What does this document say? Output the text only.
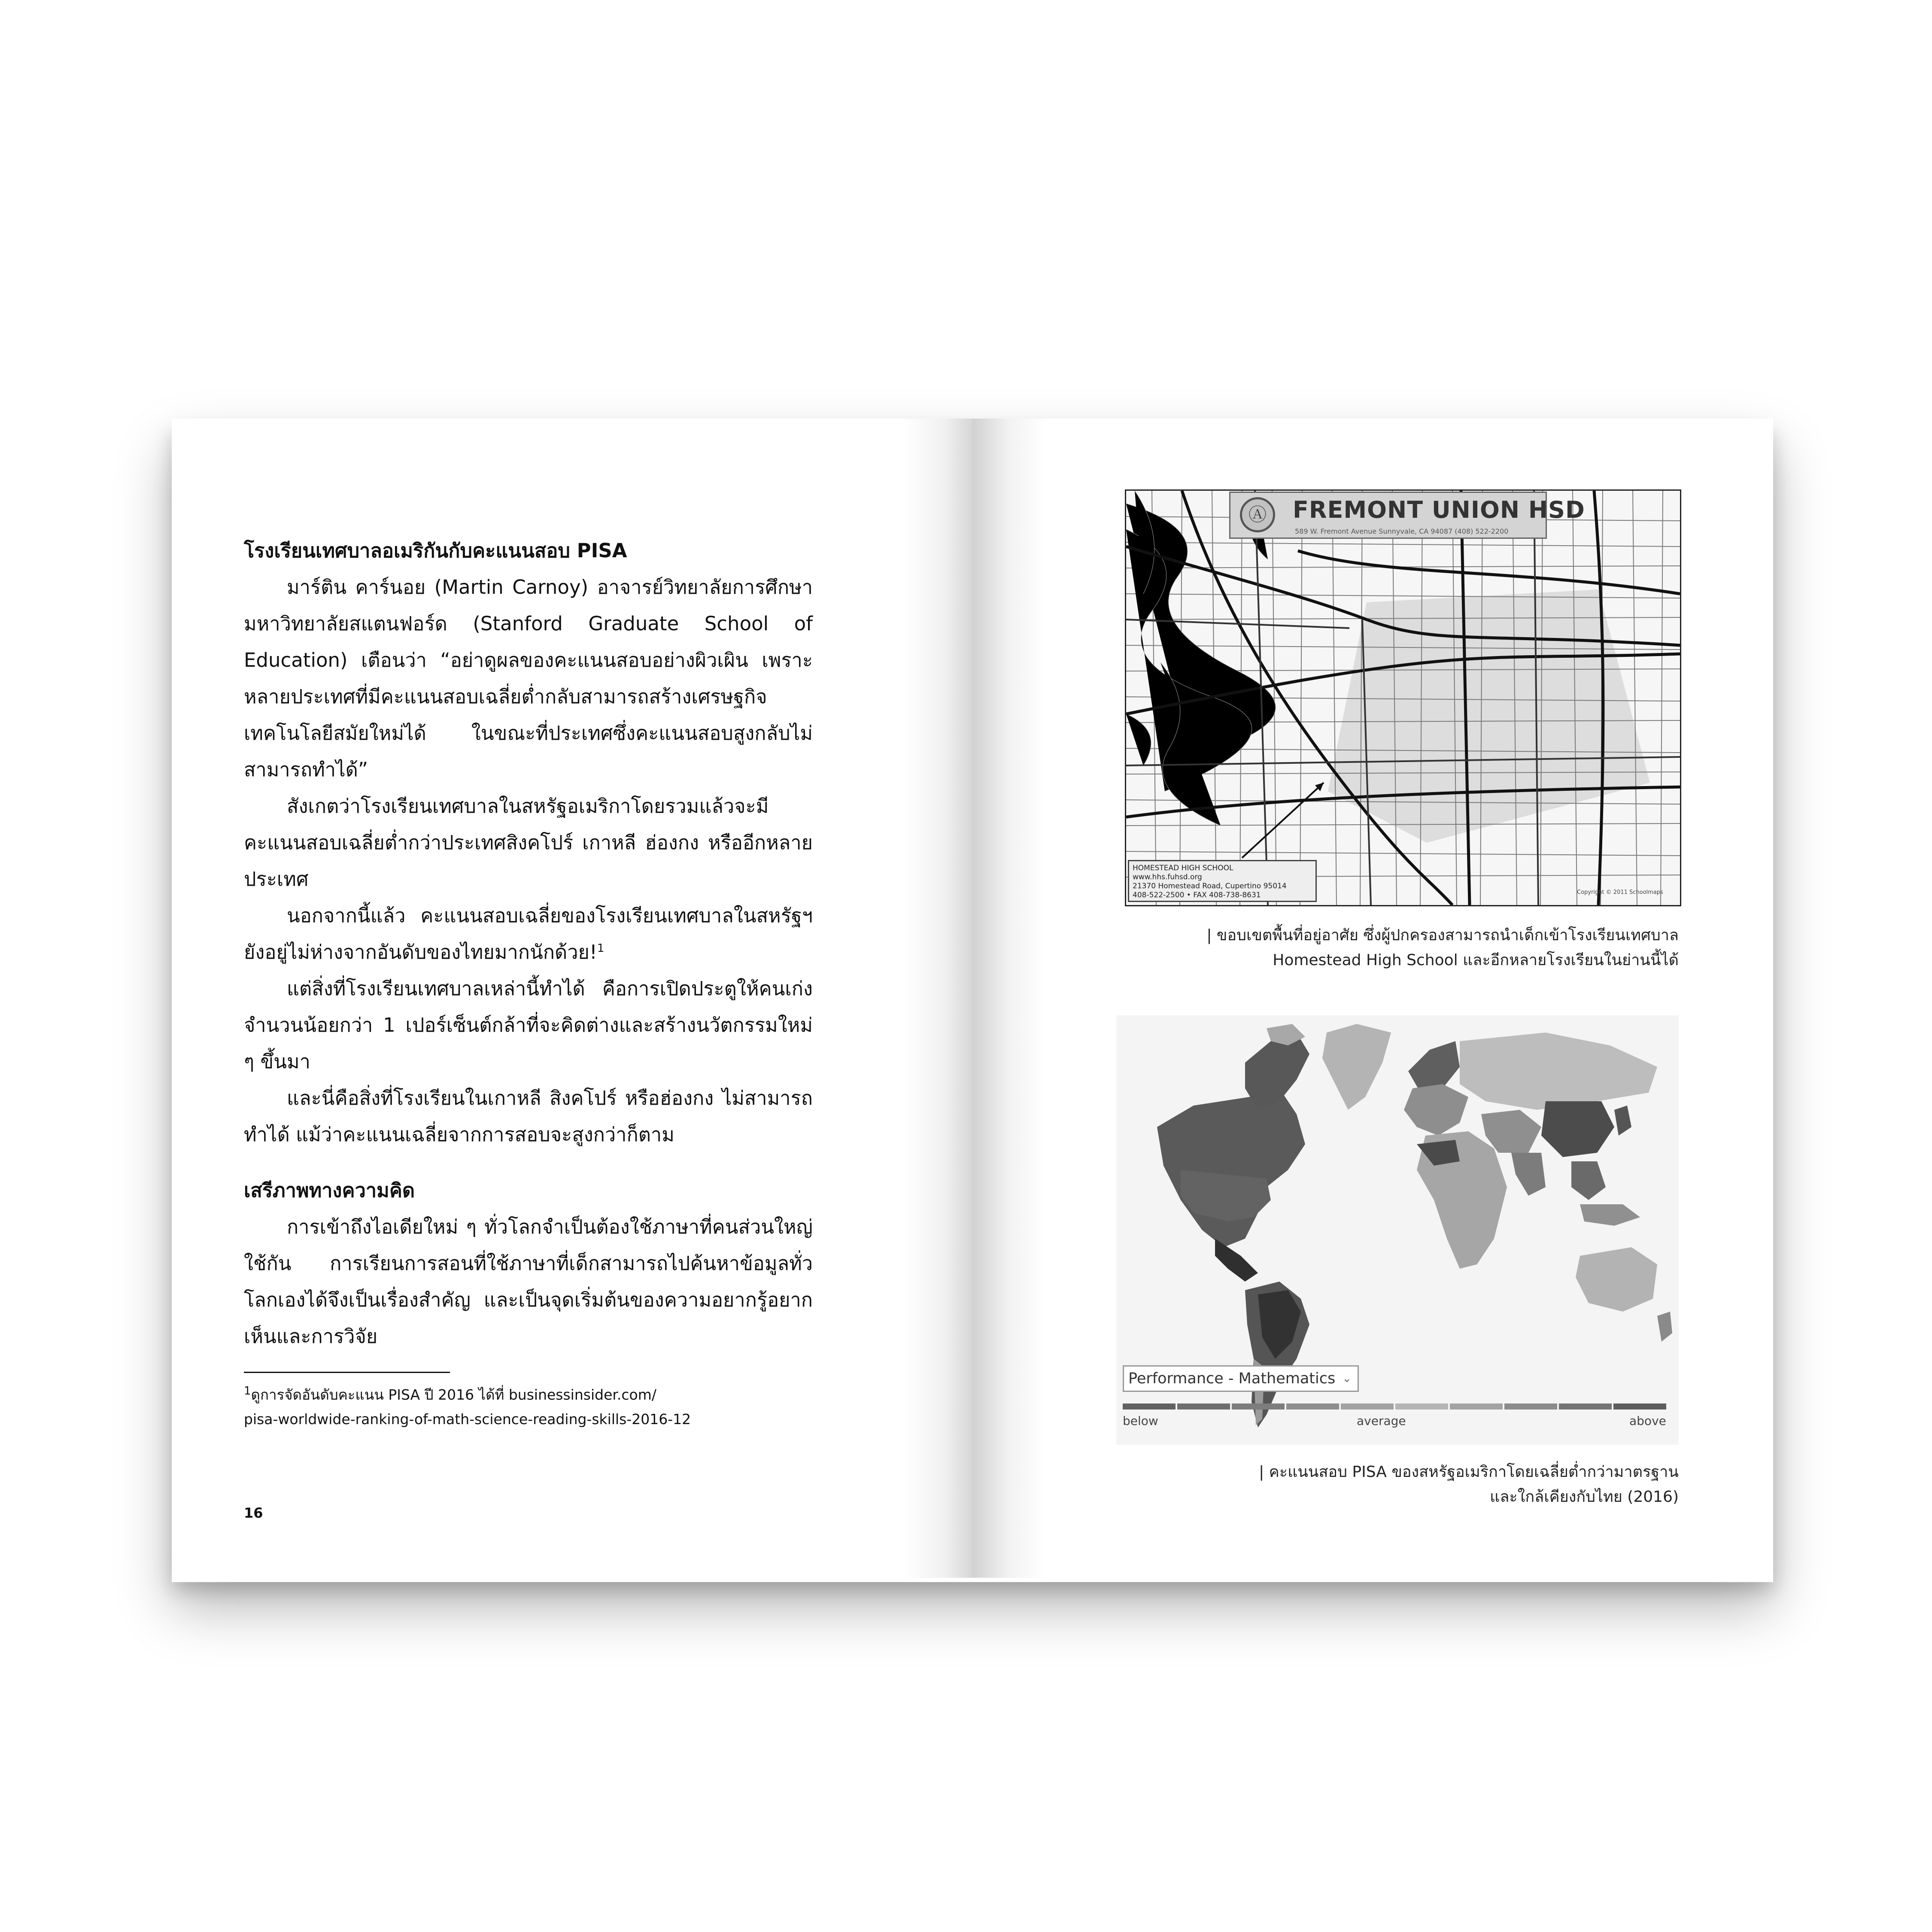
โรงเรียนเทศบาลอเมริกันกับคะแนนสอบ PISA

มาร์ติน คาร์นอย (Martin Carnoy) อาจารย์วิทยาลัยการศึกษามหาวิทยาลัยสแตนฟอร์ด (Stanford Graduate School of Education) เตือนว่า “อย่าดูผลของคะแนนสอบอย่างผิวเผิน เพราะหลายประเทศที่มีคะแนนสอบเฉลี่ยต่ำกลับสามารถสร้างเศรษฐกิจเทคโนโลยีสมัยใหม่ได้ ในขณะที่ประเทศซึ่งคะแนนสอบสูงกลับไม่สามารถทำได้”

สังเกตว่าโรงเรียนเทศบาลในสหรัฐอเมริกาโดยรวมแล้วจะมีคะแนนสอบเฉลี่ยต่ำกว่าประเทศสิงคโปร์ เกาหลี ฮ่องกง หรืออีกหลายประเทศ

นอกจากนี้แล้ว คะแนนสอบเฉลี่ยของโรงเรียนเทศบาลในสหรัฐฯ ยังอยู่ไม่ห่างจากอันดับของไทยมากนักด้วย!$^1$

แต่สิ่งที่โรงเรียนเทศบาลเหล่านี้ทำได้ คือการเปิดประตูให้คนเก่งจำนวนน้อยกว่า 1 เปอร์เซ็นต์กล้าที่จะคิดต่างและสร้างนวัตกรรมใหม่ ๆ ขึ้นมา

และนี่คือสิ่งที่โรงเรียนในเกาหลี สิงคโปร์ หรือฮ่องกง ไม่สามารถทำได้ แม้ว่าคะแนนเฉลี่ยจากการสอบจะสูงกว่าก็ตาม

เสรีภาพทางความคิด

การเข้าถึงไอเดียใหม่ ๆ ทั่วโลกจำเป็นต้องใช้ภาษาที่คนส่วนใหญ่ใช้กัน การเรียนการสอนที่ใช้ภาษาที่เด็กสามารถไปค้นหาข้อมูลทั่วโลกเองได้จึงเป็นเรื่องสำคัญ และเป็นจุดเริ่มต้นของความอยากรู้อยากเห็นและการวิจัย

$^1$ดูการจัดอันดับคะแนน PISA ปี 2016 ได้ที่ businessinsider.com/
pisa-worldwide-ranking-of-math-science-reading-skills-2016-12
16
Ⓐ	FREMONT UNION HSD
589 W. Fremont Avenue Sunnyvale, CA 94087 (408) 522-2200
HOMESTEAD HIGH SCHOOL
www.hhs.fuhsd.org
21370 Homestead Road, Cupertino 95014
408-522-2500 • FAX 408-738-8631	Copyright © 2011 Schoolmaps
| ขอบเขตพื้นที่อยู่อาศัย ซึ่งผู้ปกครองสามารถนำเด็กเข้าโรงเรียนเทศบาล
Homestead High School และอีกหลายโรงเรียนในย่านนี้ได้
Performance - Mathematics ⌄
below	average	above
| คะแนนสอบ PISA ของสหรัฐอเมริกาโดยเฉลี่ยต่ำกว่ามาตรฐาน
และใกล้เคียงกับไทย (2016)
